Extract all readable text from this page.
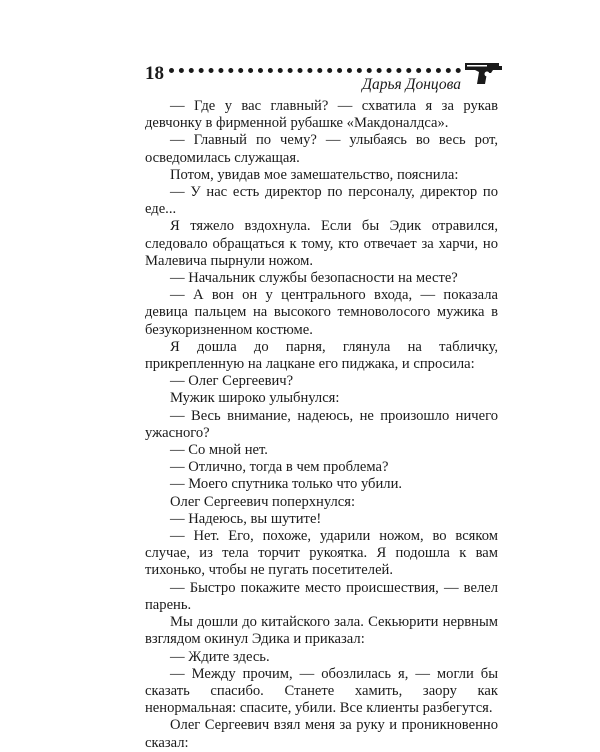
18
Дарья Донцова

— Где у вас главный? — схватила я за рукав девчонку в фирменной рубашке «Макдоналдса».

— Главный по чему? — улыбаясь во весь рот, осведомилась служащая.

Потом, увидав мое замешательство, пояснила:

— У нас есть директор по персоналу, директор по еде...

Я тяжело вздохнула. Если бы Эдик отравился, следовало обращаться к тому, кто отвечает за харчи, но Малевича пырнули ножом.

— Начальник службы безопасности на месте?

— А вон он у центрального входа, — показала девица пальцем на высокого темноволосого мужика в безукоризненном костюме.

Я дошла до парня, глянула на табличку, прикрепленную на лацкане его пиджака, и спросила:

— Олег Сергеевич?

Мужик широко улыбнулся:

— Весь внимание, надеюсь, не произошло ничего ужасного?

— Со мной нет.

— Отлично, тогда в чем проблема?

— Моего спутника только что убили.

Олег Сергеевич поперхнулся:

— Надеюсь, вы шутите!

— Нет. Его, похоже, ударили ножом, во всяком случае, из тела торчит рукоятка. Я подошла к вам тихонько, чтобы не пугать посетителей.

— Быстро покажите место происшествия, — велел парень.

Мы дошли до китайского зала. Секьюрити нервным взглядом окинул Эдика и приказал:

— Ждите здесь.

— Между прочим, — обозлилась я, — могли бы сказать спасибо. Станете хамить, заору как ненормальная: спасите, убили. Все клиенты разбегутся.

Олег Сергеевич взял меня за руку и проникновенно сказал:
